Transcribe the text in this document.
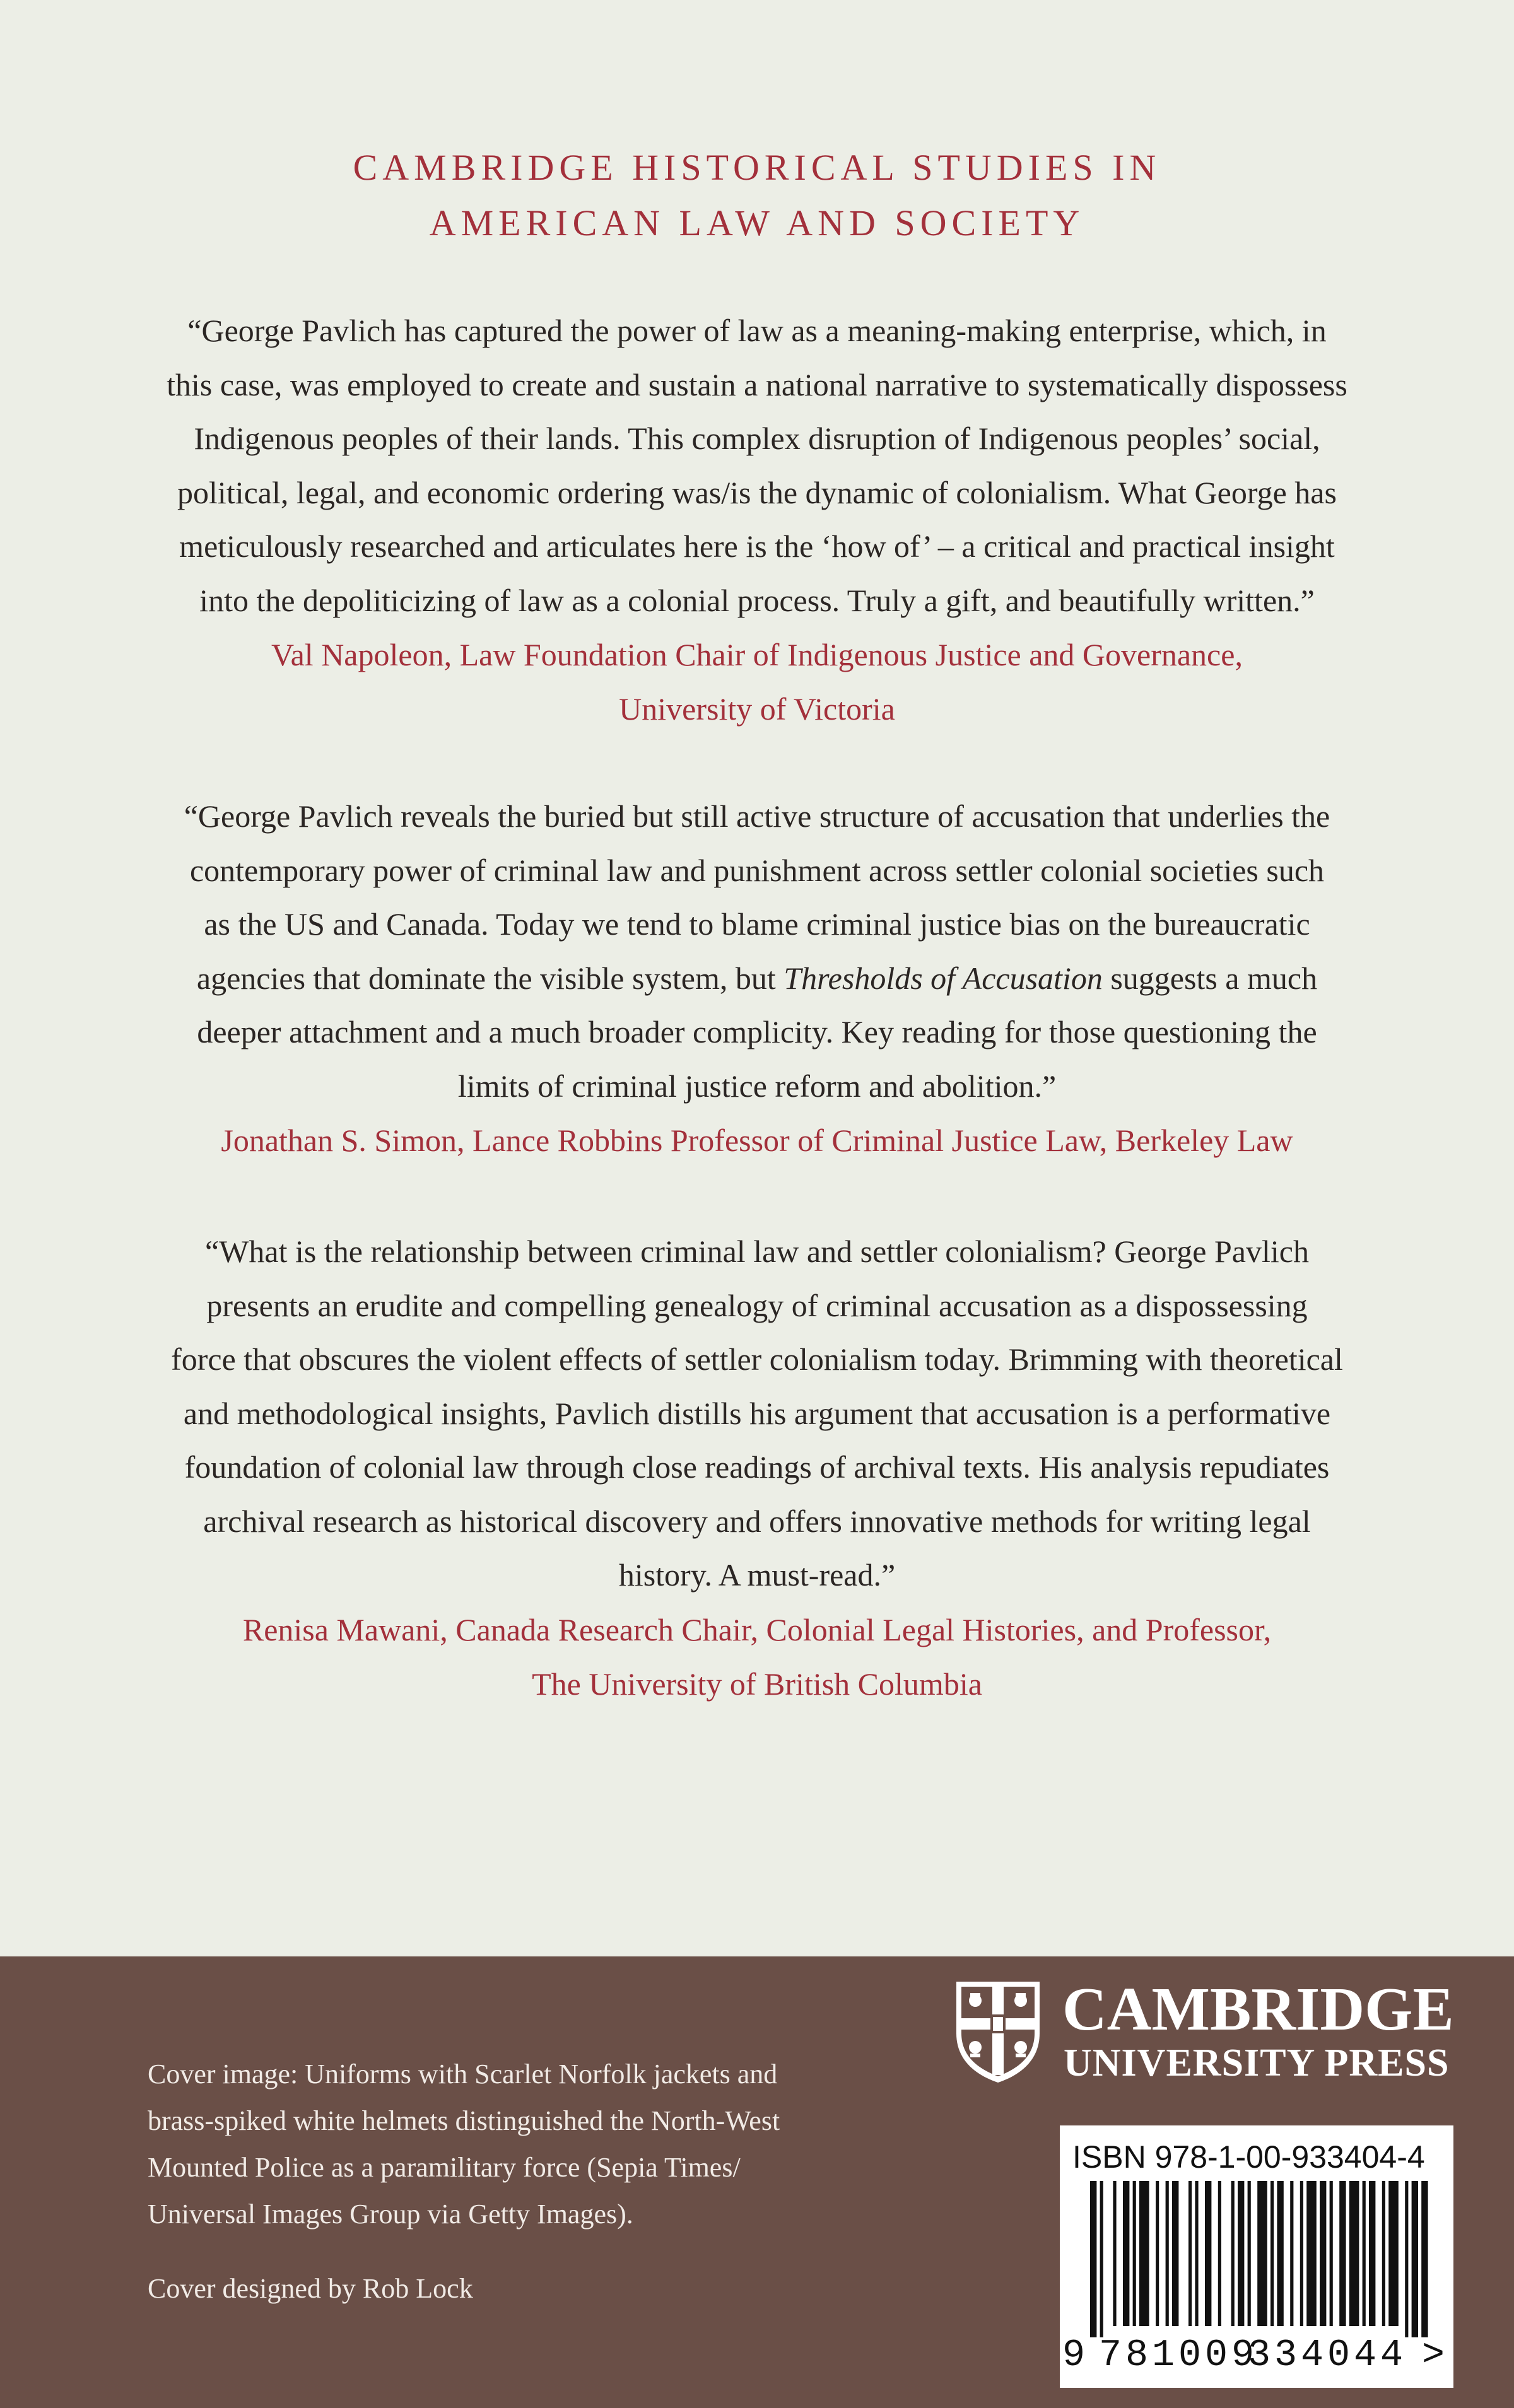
CAMBRIDGE HISTORICAL STUDIES IN
AMERICAN LAW AND SOCIETY
“George Pavlich has captured the power of law as a meaning-making enterprise, which, in
this case, was employed to create and sustain a national narrative to systematically dispossess
Indigenous peoples of their lands. This complex disruption of Indigenous peoples’ social,
political, legal, and economic ordering was/is the dynamic of colonialism. What George has
meticulously researched and articulates here is the ‘how of’ – a critical and practical insight
into the depoliticizing of law as a colonial process. Truly a gift, and beautifully written.”
Val Napoleon, Law Foundation Chair of Indigenous Justice and Governance,
University of Victoria
“George Pavlich reveals the buried but still active structure of accusation that underlies the
contemporary power of criminal law and punishment across settler colonial societies such
as the US and Canada. Today we tend to blame criminal justice bias on the bureaucratic
agencies that dominate the visible system, but Thresholds of Accusation suggests a much
deeper attachment and a much broader complicity. Key reading for those questioning the
limits of criminal justice reform and abolition.”
Jonathan S. Simon, Lance Robbins Professor of Criminal Justice Law, Berkeley Law
“What is the relationship between criminal law and settler colonialism? George Pavlich
presents an erudite and compelling genealogy of criminal accusation as a dispossessing
force that obscures the violent effects of settler colonialism today. Brimming with theoretical
and methodological insights, Pavlich distills his argument that accusation is a performative
foundation of colonial law through close readings of archival texts. His analysis repudiates
archival research as historical discovery and offers innovative methods for writing legal
history. A must-read.”
Renisa Mawani, Canada Research Chair, Colonial Legal Histories, and Professor,
The University of British Columbia
Cover image: Uniforms with Scarlet Norfolk jackets and
brass-spiked white helmets distinguished the North-West
Mounted Police as a paramilitary force (Sepia Times/
Universal Images Group via Getty Images).
Cover designed by Rob Lock
CAMBRIDGE
UNIVERSITY PRESS
ISBN 978-1-00-933404-4
9 781009
334044 >
